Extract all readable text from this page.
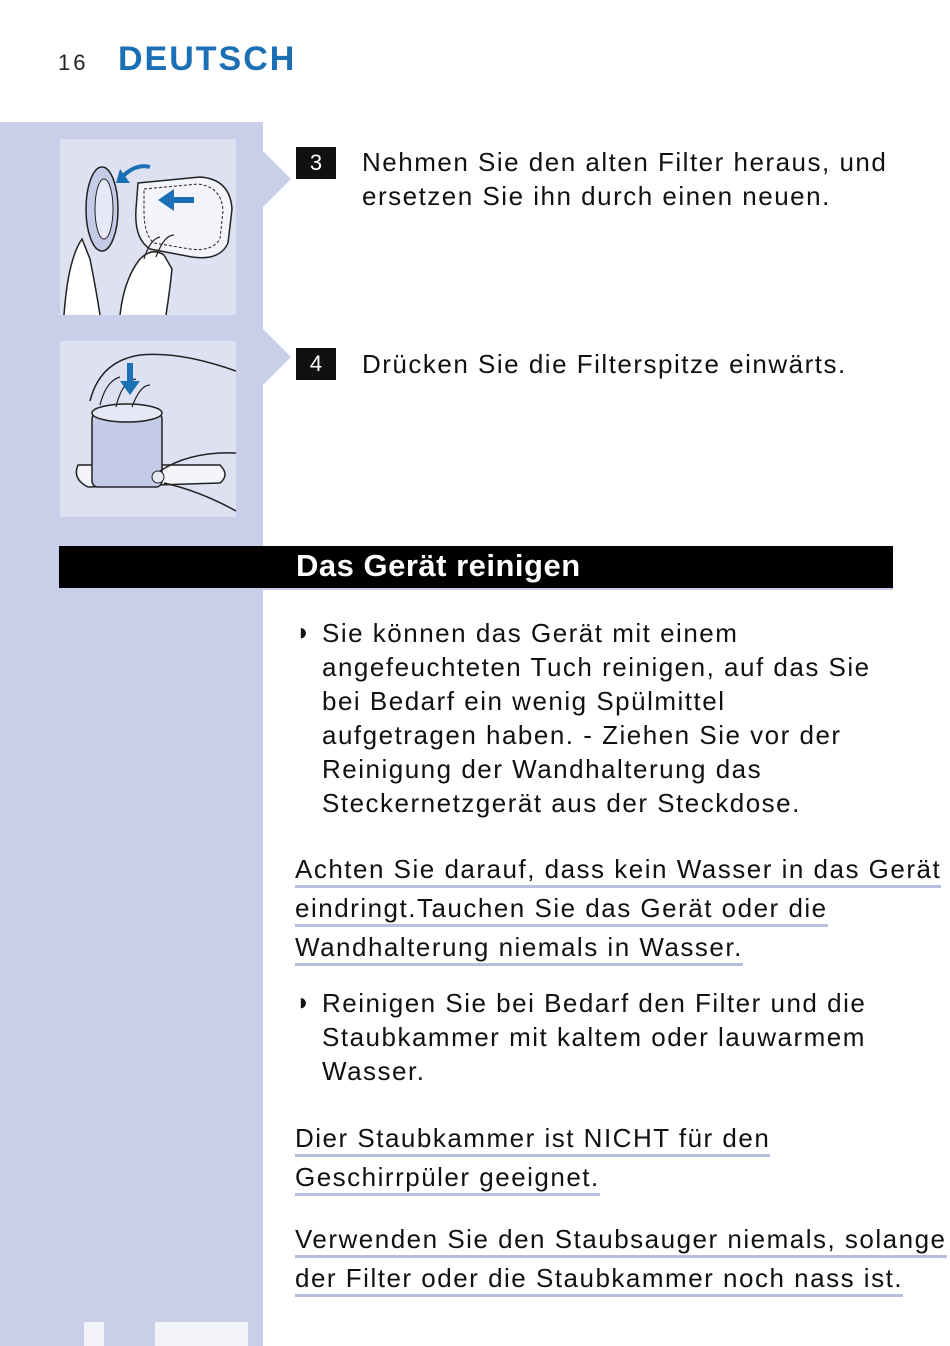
16 DEUTSCH
3	Nehmen Sie den alten Filter heraus, und ersetzen Sie ihn durch einen neuen.
4	Drücken Sie die Filterspitze einwärts.
Das Gerät reinigen
◗ Sie können das Gerät mit einem angefeuchteten Tuch reinigen, auf das Sie bei Bedarf ein wenig Spülmittel aufgetragen haben. - Ziehen Sie vor der Reinigung der Wandhalterung das Steckernetzgerät aus der Steckdose.
Achten Sie darauf, dass kein Wasser in das Gerät
eindringt.Tauchen Sie das Gerät oder die
Wandhalterung niemals in Wasser.
◗ Reinigen Sie bei Bedarf den Filter und die Staubkammer mit kaltem oder lauwarmem Wasser.
Dier Staubkammer ist NICHT für den
Geschirrpüler geeignet.
Verwenden Sie den Staubsauger niemals, solange
der Filter oder die Staubkammer noch nass ist.
